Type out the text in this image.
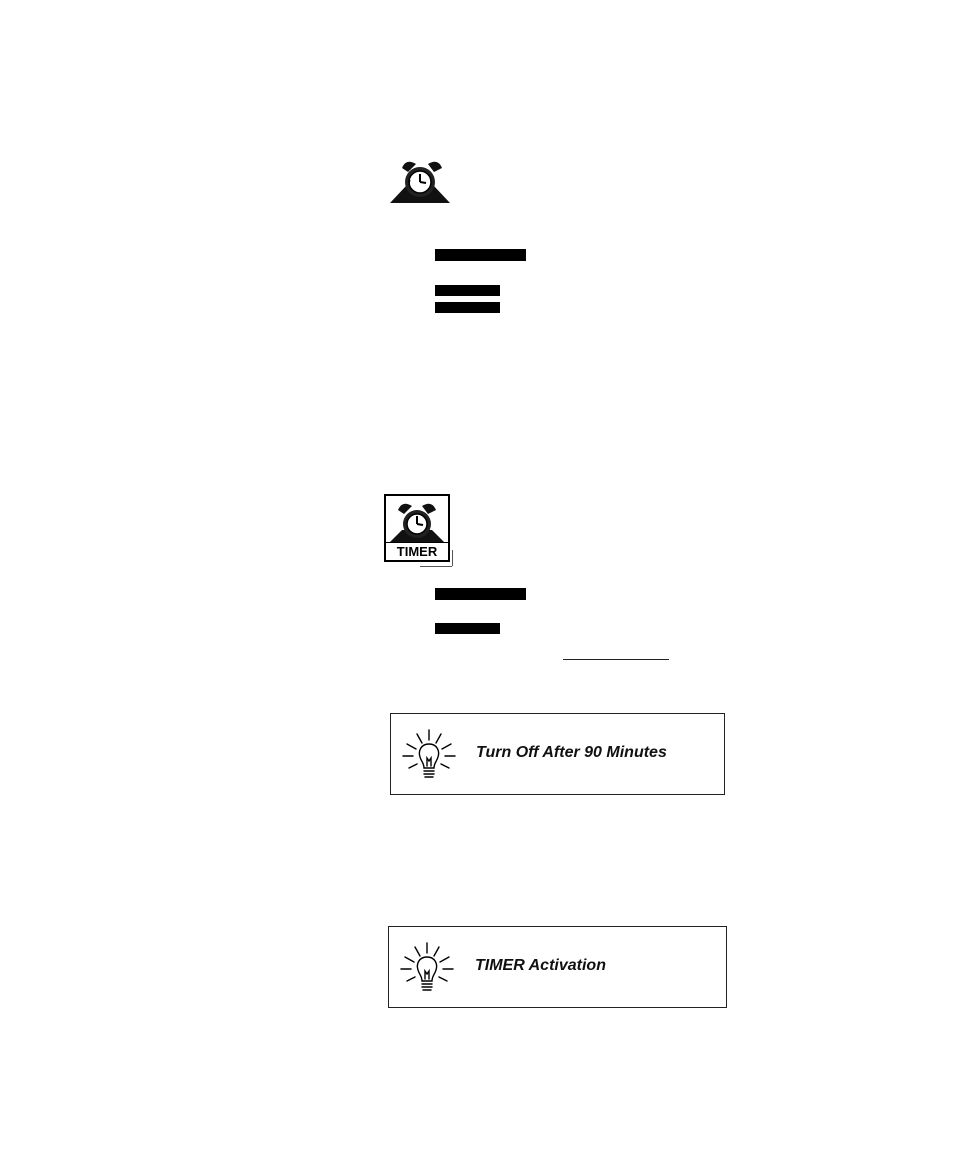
TIMER
Turn Off After 90 Minutes
TIMER Activation
